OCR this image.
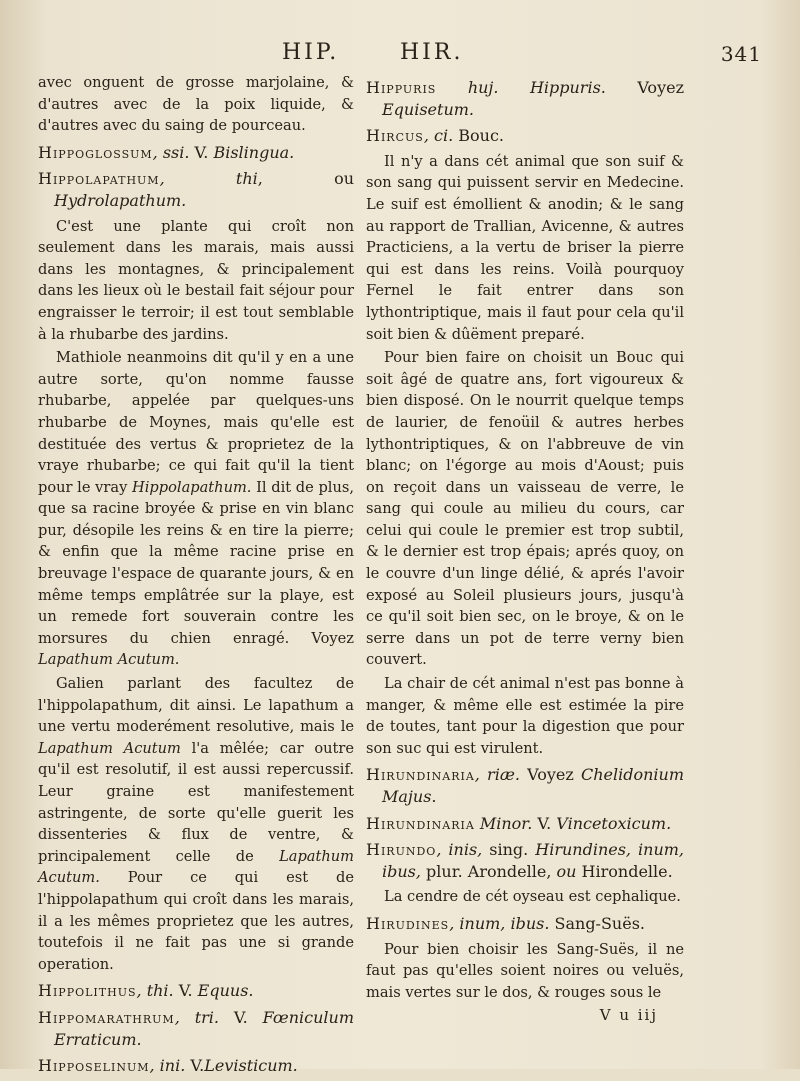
HIP.	HIR.	341

avec onguent de grosse marjolaine, & d'autres avec de la poix liquide, & d'autres avec du saing de pourceau.

Hippoglossum, ssi. V. Bislingua.
Hippolapathum, thi, ou Hydrolapathum.

C'est une plante qui croît non seulement dans les marais, mais aussi dans les montagnes, & principalement dans les lieux où le bestail fait séjour pour engraisser le terroir; il est tout semblable à la rhubarbe des jardins.

Mathiole neanmoins dit qu'il y en a une autre sorte, qu'on nomme fausse rhubarbe, appelée par quelques-uns rhubarbe de Moynes, mais qu'elle est destituée des vertus & proprietez de la vraye rhubarbe; ce qui fait qu'il la tient pour le vray Hippolapathum. Il dit de plus, que sa racine broyée & prise en vin blanc pur, désopile les reins & en tire la pierre; & enfin que la même racine prise en breuvage l'espace de quarante jours, & en même temps emplâtrée sur la playe, est un remede fort souverain contre les morsures du chien enragé. Voyez Lapathum Acutum.

Galien parlant des facultez de l'hippolapathum, dit ainsi. Le lapathum a une vertu moderément resolutive, mais le Lapathum Acutum l'a mêlée; car outre qu'il est resolutif, il est aussi repercussif. Leur graine est manifestement astringente, de sorte qu'elle guerit les dissenteries & flux de ventre, & principalement celle de Lapathum Acutum. Pour ce qui est de l'hippolapathum qui croît dans les marais, il a les mêmes proprietez que les autres, toutefois il ne fait pas une si grande operation.

Hippolithus, thi. V. Equus.
Hippomarathrum, tri. V. Fœniculum Erraticum.
Hipposelinum, ini. V.Levisticum.
Hippuris huj. Hippuris. Voyez Equisetum.
Hircus, ci. Bouc.

Il n'y a dans cét animal que son suif & son sang qui puissent servir en Medecine. Le suif est émollient & anodin; & le sang au rapport de Trallian, Avicenne, & autres Practiciens, a la vertu de briser la pierre qui est dans les reins. Voilà pourquoy Fernel le fait entrer dans son lythontriptique, mais il faut pour cela qu'il soit bien & dûëment preparé.

Pour bien faire on choisit un Bouc qui soit âgé de quatre ans, fort vigoureux & bien disposé. On le nourrit quelque temps de laurier, de fenoüil & autres herbes lythontriptiques, & on l'abbreuve de vin blanc; on l'égorge au mois d'Aoust; puis on reçoit dans un vaisseau de verre, le sang qui coule au milieu du cours, car celui qui coule le premier est trop subtil, & le dernier est trop épais; aprés quoy, on le couvre d'un linge délié, & aprés l'avoir exposé au Soleil plusieurs jours, jusqu'à ce qu'il soit bien sec, on le broye, & on le serre dans un pot de terre verny bien couvert.

La chair de cét animal n'est pas bonne à manger, & même elle est estimée la pire de toutes, tant pour la digestion que pour son suc qui est virulent.

Hirundinaria, riæ. Voyez Chelidonium Majus.
Hirundinaria Minor. V. Vincetoxicum.
Hirundo, inis, sing. Hirundines, inum, ibus, plur. Arondelle, ou Hirondelle.

La cendre de cét oyseau est cephalique.

Hirudines, inum, ibus. Sang-Suës.

Pour bien choisir les Sang-Suës, il ne faut pas qu'elles soient noires ou veluës, mais vertes sur le dos, & rouges sous le

V u iij
